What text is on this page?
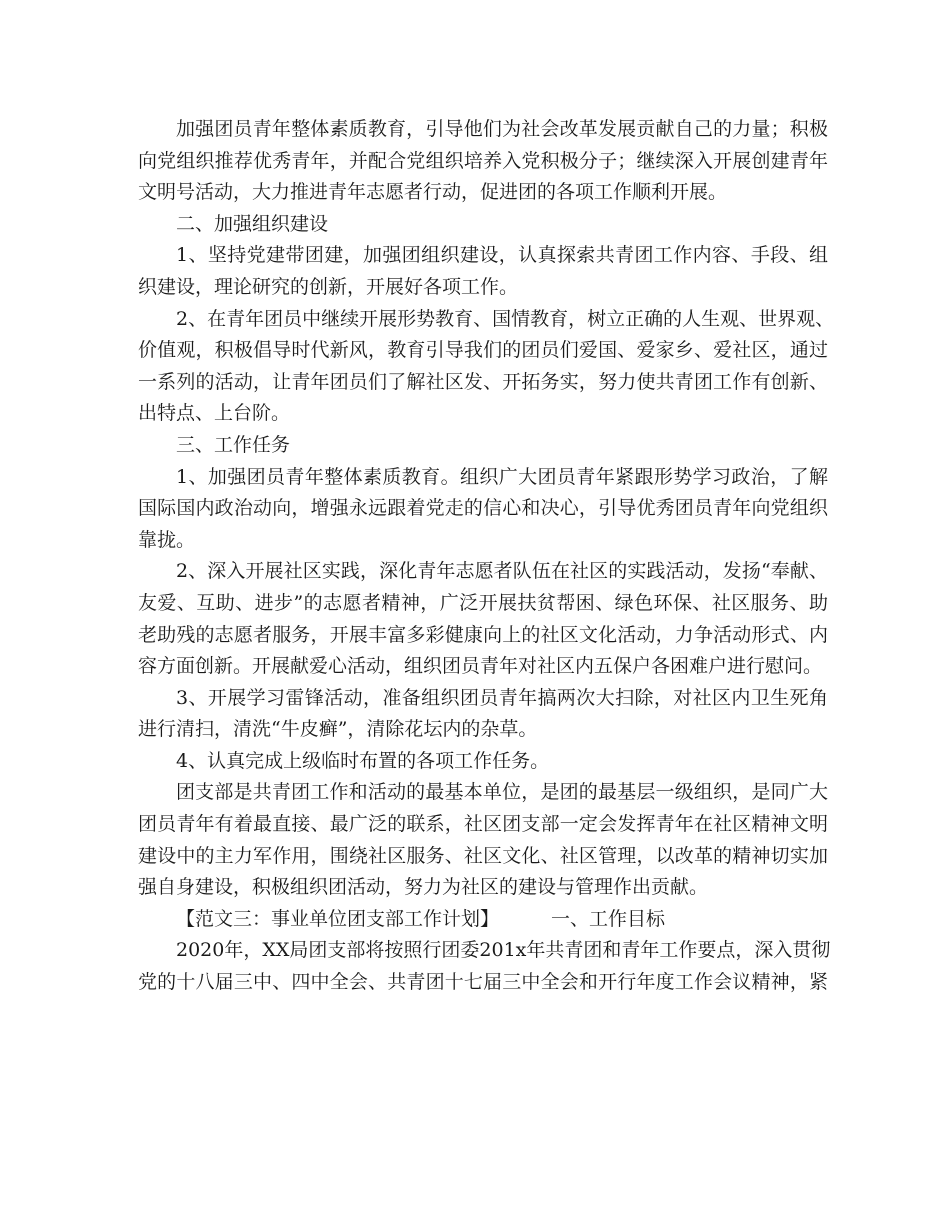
加强团员青年整体素质教育，引导他们为社会改革发展贡献自己的力量；积极
向党组织推荐优秀青年，并配合党组织培养入党积极分子；继续深入开展创建青年
文明号活动，大力推进青年志愿者行动，促进团的各项工作顺利开展。
二、加强组织建设
1、坚持党建带团建，加强团组织建设，认真探索共青团工作内容、手段、组
织建设，理论研究的创新，开展好各项工作。
2、在青年团员中继续开展形势教育、国情教育，树立正确的人生观、世界观、
价值观，积极倡导时代新风，教育引导我们的团员们爱国、爱家乡、爱社区，通过
一系列的活动，让青年团员们了解社区发、开拓务实，努力使共青团工作有创新、
出特点、上台阶。
三、工作任务
1、加强团员青年整体素质教育。组织广大团员青年紧跟形势学习政治，了解
国际国内政治动向，增强永远跟着党走的信心和决心，引导优秀团员青年向党组织
靠拢。
2、深入开展社区实践，深化青年志愿者队伍在社区的实践活动，发扬“奉献、
友爱、互助、进步”的志愿者精神，广泛开展扶贫帮困、绿色环保、社区服务、助
老助残的志愿者服务，开展丰富多彩健康向上的社区文化活动，力争活动形式、内
容方面创新。开展献爱心活动，组织团员青年对社区内五保户各困难户进行慰问。
3、开展学习雷锋活动，准备组织团员青年搞两次大扫除，对社区内卫生死角
进行清扫，清洗“牛皮癣”，清除花坛内的杂草。
4、认真完成上级临时布置的各项工作任务。
团支部是共青团工作和活动的最基本单位，是团的最基层一级组织，是同广大
团员青年有着最直接、最广泛的联系，社区团支部一定会发挥青年在社区精神文明
建设中的主力军作用，围绕社区服务、社区文化、社区管理，以改革的精神切实加
强自身建设，积极组织团活动，努力为社区的建设与管理作出贡献。
【范文三：事业单位团支部工作计划】	一、工作目标
2020年，XX局团支部将按照行团委201x年共青团和青年工作要点，深入贯彻
党的十八届三中、四中全会、共青团十七届三中全会和开行年度工作会议精神，紧
